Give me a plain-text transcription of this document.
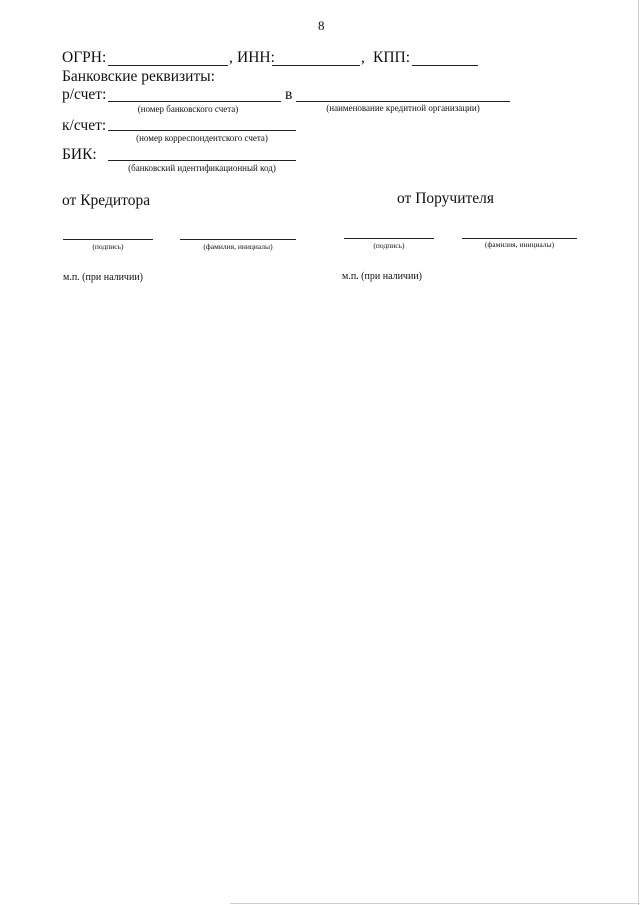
8
ОГРН:	, ИНН:	, КПП:
Банковские реквизиты:
р/счет:	в
(номер банковского счета)	(наименование кредитной организации)
к/счет:
(номер корреспондентского счета)
БИК:
(банковский идентификационный код)
от Кредитора
(подпись)	(фамилия, инициалы)
м.п. (при наличии)
от Поручителя
(подпись)	(фамилия, инициалы)
м.п. (при наличии)
